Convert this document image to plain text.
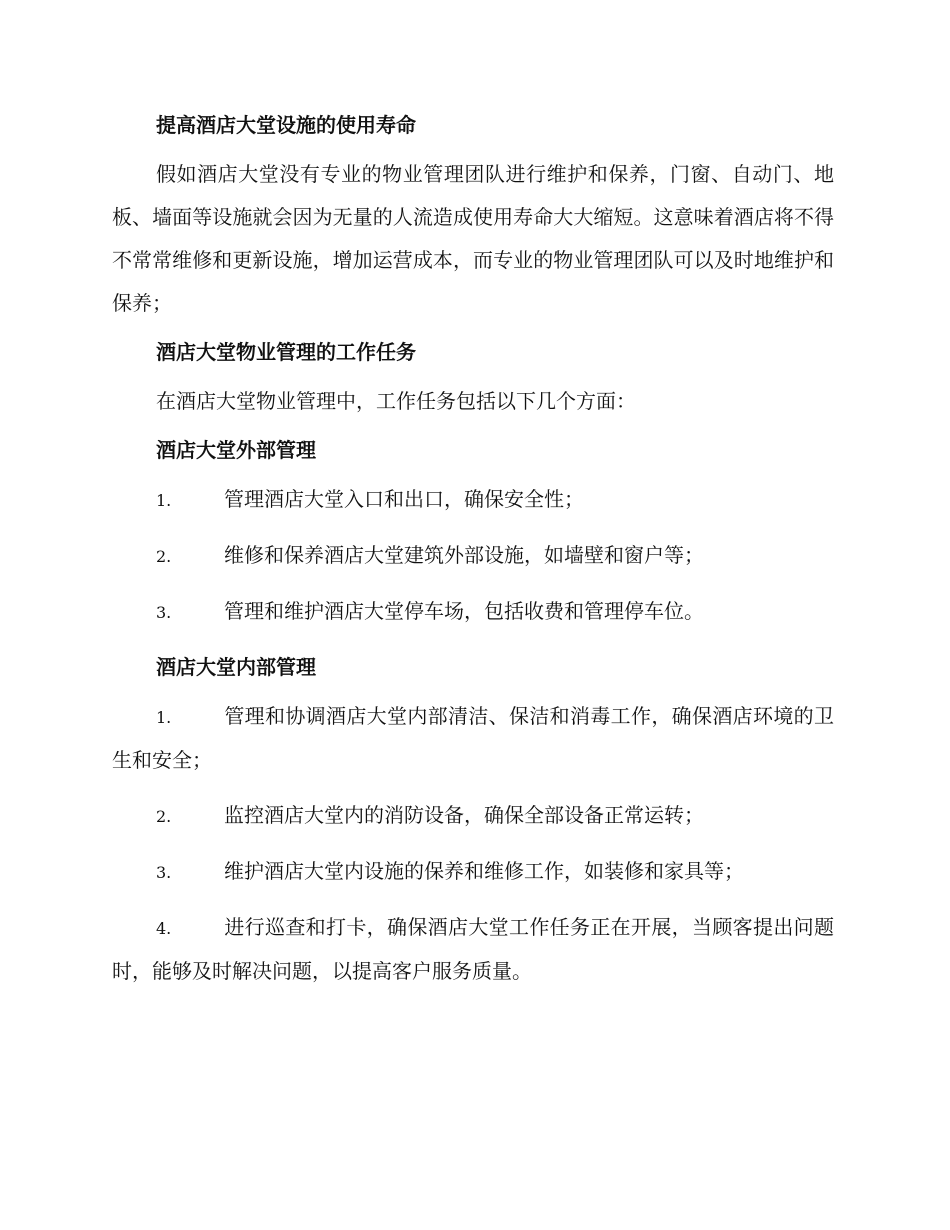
提高酒店大堂设施的使用寿命

假如酒店大堂没有专业的物业管理团队进行维护和保养，门窗、自动门、地板、墙面等设施就会因为无量的人流造成使用寿命大大缩短。这意味着酒店将不得不常常维修和更新设施，增加运营成本，而专业的物业管理团队可以及时地维护和保养；

酒店大堂物业管理的工作任务

在酒店大堂物业管理中，工作任务包括以下几个方面：

酒店大堂外部管理
1.	管理酒店大堂入口和出口，确保安全性；
2.	维修和保养酒店大堂建筑外部设施，如墙壁和窗户等；
3.	管理和维护酒店大堂停车场，包括收费和管理停车位。
酒店大堂内部管理
1.	管理和协调酒店大堂内部清洁、保洁和消毒工作，确保酒店环境的卫生和安全；
2.	监控酒店大堂内的消防设备，确保全部设备正常运转；
3.	维护酒店大堂内设施的保养和维修工作，如装修和家具等；
4.	进行巡查和打卡，确保酒店大堂工作任务正在开展，当顾客提出问题时，能够及时解决问题，以提高客户服务质量。
